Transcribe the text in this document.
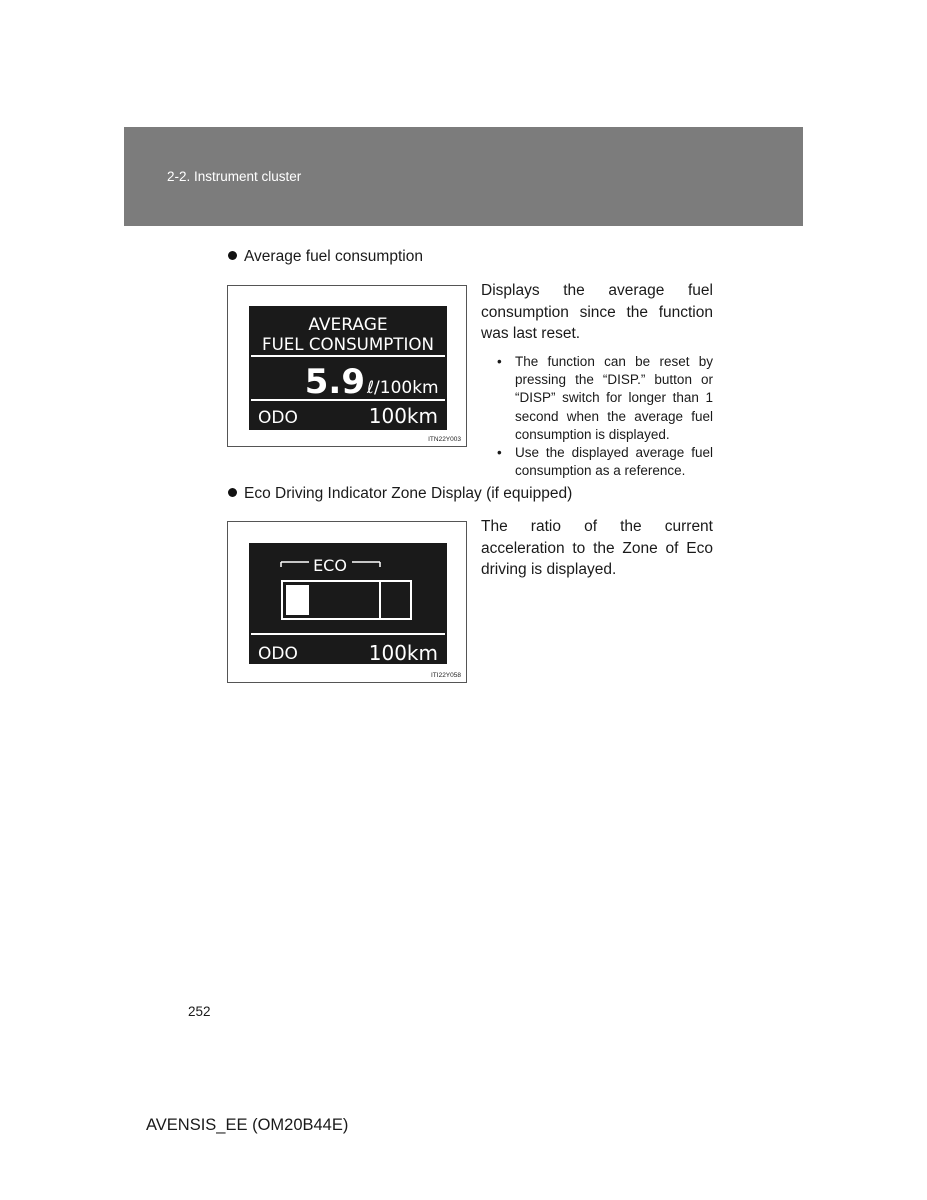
2-2. Instrument cluster
Average fuel consumption
AVERAGE
FUEL CONSUMPTION
5.9 ℓ/100km
ODO	100km
ITN22Y003

Displays the average fuel consumption since the function was last reset.

• The function can be reset by pressing the “DISP.” button or “DISP” switch for longer than 1 second when the average fuel consumption is displayed.
• Use the displayed average fuel consumption as a reference.
Eco Driving Indicator Zone Display (if equipped)
ECO
ODO	100km
ITI22Y058

The ratio of the current acceleration to the Zone of Eco driving is displayed.

252
AVENSIS_EE (OM20B44E)
